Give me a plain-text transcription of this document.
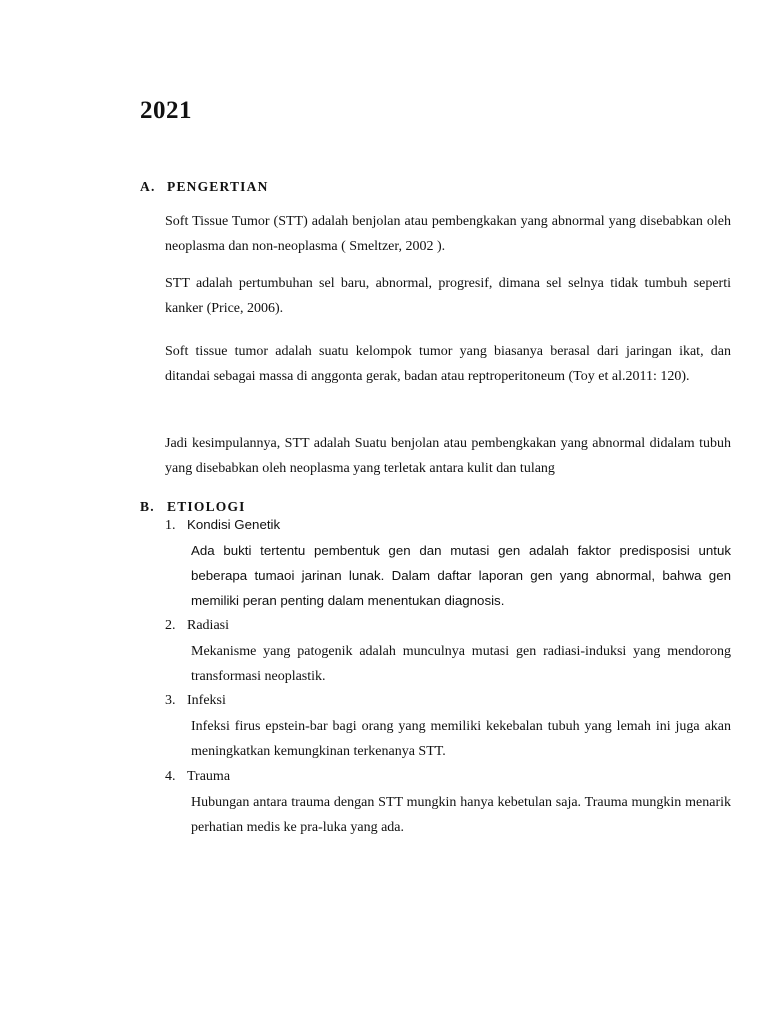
2021
A. PENGERTIAN

Soft Tissue Tumor (STT) adalah benjolan atau pembengkakan yang abnormal yang disebabkan oleh neoplasma dan non-neoplasma ( Smeltzer, 2002 ).

STT adalah pertumbuhan sel baru, abnormal, progresif, dimana sel selnya tidak tumbuh seperti kanker (Price, 2006).

Soft tissue tumor adalah suatu kelompok tumor yang biasanya berasal dari jaringan ikat, dan ditandai sebagai massa di anggonta gerak, badan atau reptroperitoneum (Toy et al.2011: 120).

Jadi kesimpulannya, STT adalah Suatu benjolan atau pembengkakan yang abnormal didalam tubuh yang disebabkan oleh neoplasma yang terletak antara kulit dan tulang

B. ETIOLOGI
1. Kondisi Genetik

Ada bukti tertentu pembentuk gen dan mutasi gen adalah faktor predisposisi untuk beberapa tumaoi jarinan lunak. Dalam daftar laporan gen yang abnormal, bahwa gen memiliki peran penting dalam menentukan diagnosis.

2. Radiasi

Mekanisme yang patogenik adalah munculnya mutasi gen radiasi-induksi yang mendorong transformasi neoplastik.

3. Infeksi

Infeksi firus epstein-bar bagi orang yang memiliki kekebalan tubuh yang lemah ini juga akan meningkatkan kemungkinan terkenanya STT.

4. Trauma

Hubungan antara trauma dengan STT mungkin hanya kebetulan saja. Trauma mungkin menarik perhatian medis ke pra-luka yang ada.
